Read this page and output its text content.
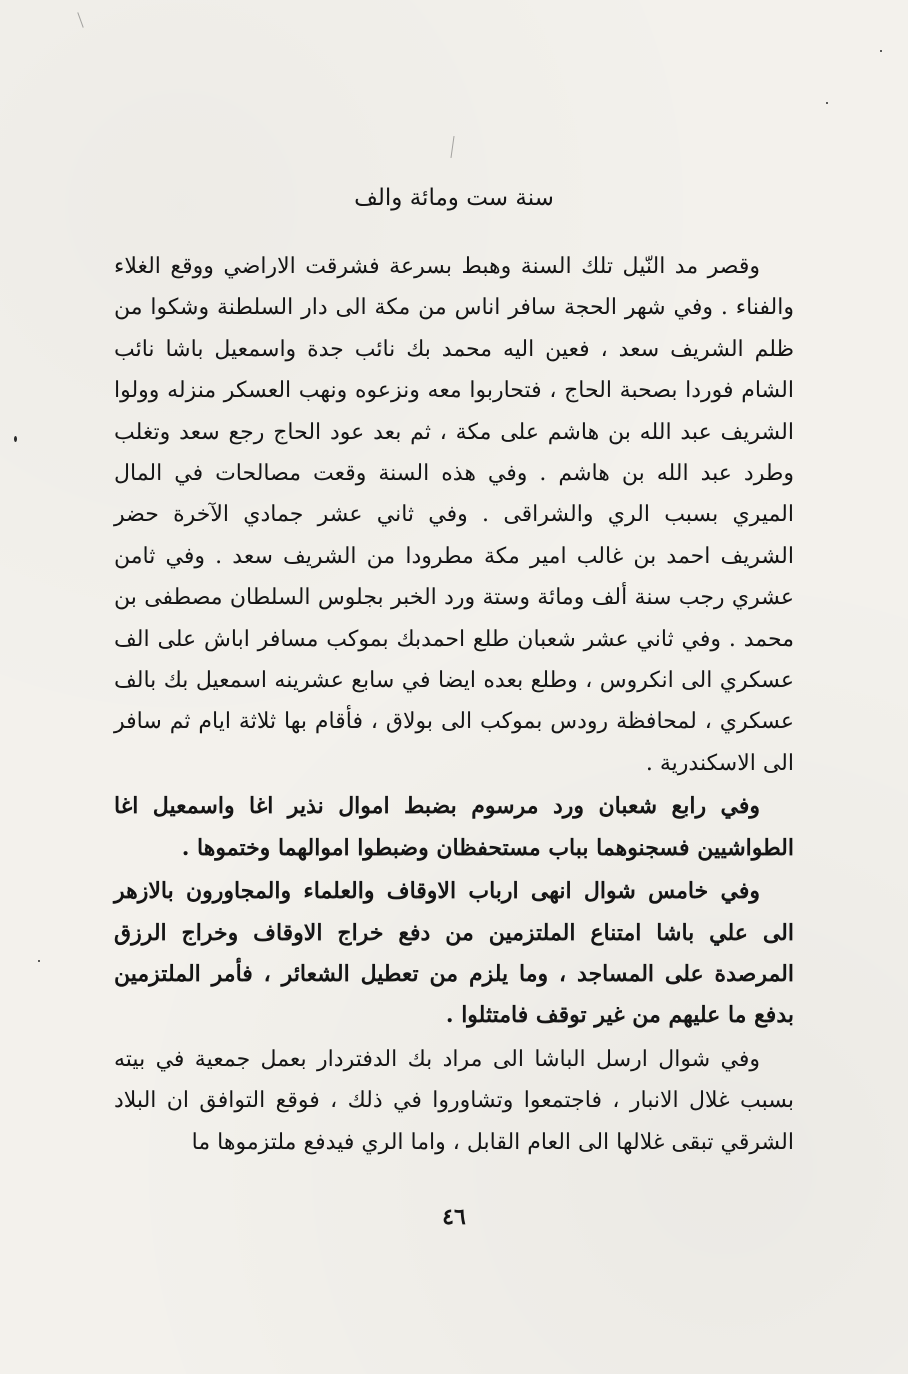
سنة ست ومائة والف

وقصر مد النّيل تلك السنة وهبط بسرعة فشرقت الاراضي ووقع الغلاء والفناء . وفي شهر الحجة سافر اناس من مكة الى دار السلطنة وشكوا من ظلم الشريف سعد ، فعين اليه محمد بك نائب جدة واسمعيل باشا نائب الشام فوردا بصحبة الحاج ، فتحاربوا معه ونزعوه ونهب العسكر منزله وولوا الشريف عبد الله بن هاشم على مكة ، ثم بعد عود الحاج رجع سعد وتغلب وطرد عبد الله بن هاشم . وفي هذه السنة وقعت مصالحات في المال الميري بسبب الري والشراقى . وفي ثاني عشر جمادي الآخرة حضر الشريف احمد بن غالب امير مكة مطرودا من الشريف سعد . وفي ثامن عشري رجب سنة ألف ومائة وستة ورد الخبر بجلوس السلطان مصطفى بن محمد . وفي ثاني عشر شعبان طلع احمدبك بموكب مسافر اباش على الف عسكري الى انكروس ، وطلع بعده ايضا في سابع عشرينه اسمعيل بك بالف عسكري ، لمحافظة رودس بموكب الى بولاق ، فأقام بها ثلاثة ايام ثم سافر الى الاسكندرية .

وفي رابع شعبان ورد مرسوم بضبط اموال نذير اغا واسمعيل اغا الطواشيين فسجنوهما بباب مستحفظان وضبطوا اموالهما وختموها .

وفي خامس شوال انهى ارباب الاوقاف والعلماء والمجاورون بالازهر الى علي باشا امتناع الملتزمين من دفع خراج الاوقاف وخراج الرزق المرصدة على المساجد ، وما يلزم من تعطيل الشعائر ، فأمر الملتزمين بدفع ما عليهم من غير توقف فامتثلوا .

وفي شوال ارسل الباشا الى مراد بك الدفتردار بعمل جمعية في بيته بسبب غلال الانبار ، فاجتمعوا وتشاوروا في ذلك ، فوقع التوافق ان البلاد الشرقي تبقى غلالها الى العام القابل ، واما الري فيدفع ملتزموها ما

٤٦
